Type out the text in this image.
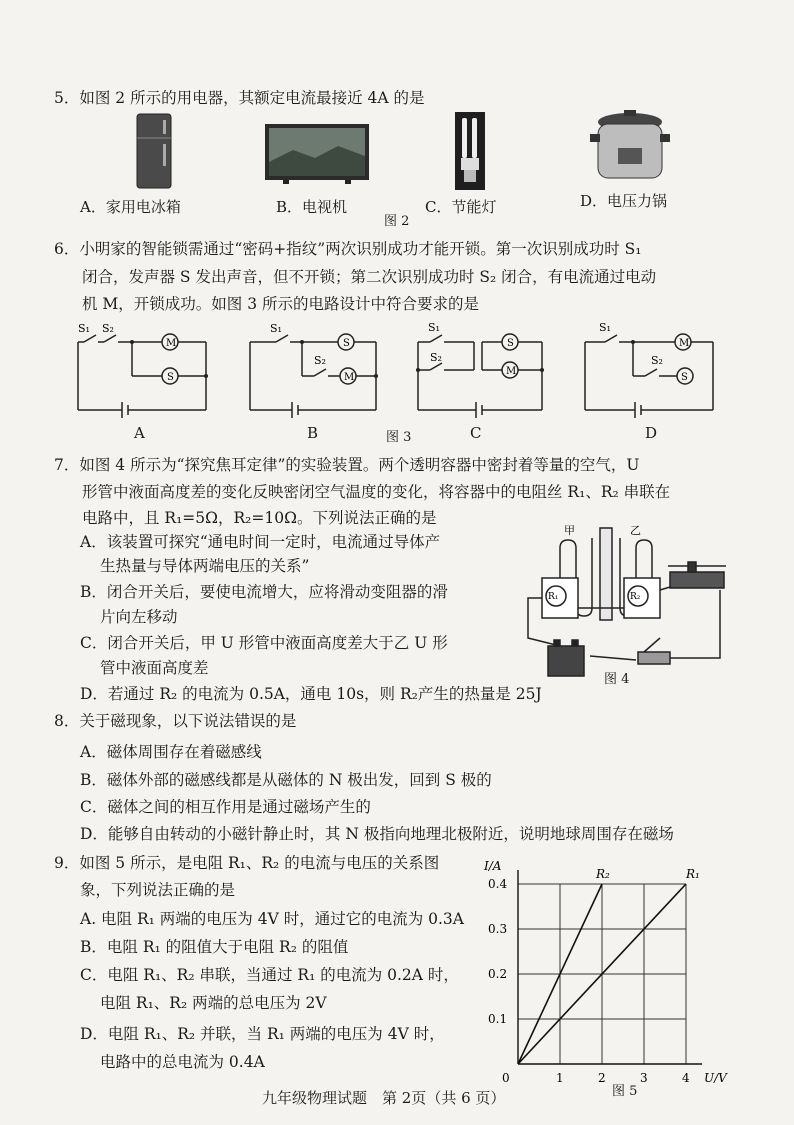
5．如图 2 所示的用电器，其额定电流最接近 4A 的是
A．家用电冰箱	B．电视机	C．节能灯	D．电压力锅
图 2
6．小明家的智能锁需通过“密码+指纹”两次识别成功才能开锁。第一次识别成功时 S₁
闭合，发声器 S 发出声音，但不开锁；第二次识别成功时 S₂ 闭合，有电流通过电动
机 M，开锁成功。如图 3 所示的电路设计中符合要求的是
S₁ S₂
M
S
S₁
S₂
S
M
S₁
S₂
S
M
S₁
S₂
M
S
A	B	图 3	C	D
7．如图 4 所示为“探究焦耳定律”的实验装置。两个透明容器中密封着等量的空气，U
形管中液面高度差的变化反映密闭空气温度的变化，将容器中的电阻丝 R₁、R₂ 串联在
电路中，且 R₁=5Ω，R₂=10Ω。下列说法正确的是
A．该装置可探究“通电时间一定时，电流通过导体产
生热量与导体两端电压的关系”
B．闭合开关后，要使电流增大，应将滑动变阻器的滑
片向左移动
C．闭合开关后，甲 U 形管中液面高度差大于乙 U 形
管中液面高度差
D．若通过 R₂ 的电流为 0.5A，通电 10s，则 R₂产生的热量是 25J
甲	乙
R₁	R₂
图 4
8．关于磁现象，以下说法错误的是
A．磁体周围存在着磁感线
B．磁体外部的磁感线都是从磁体的 N 极出发，回到 S 极的
C．磁体之间的相互作用是通过磁场产生的
D．能够自由转动的小磁针静止时，其 N 极指向地理北极附近，说明地球周围存在磁场
9．如图 5 所示，是电阻 R₁、R₂ 的电流与电压的关系图
象，下列说法正确的是
A. 电阻 R₁ 两端的电压为 4V 时，通过它的电流为 0.3A
B．电阻 R₁ 的阻值大于电阻 R₂ 的阻值
C．电阻 R₁、R₂ 串联，当通过 R₁ 的电流为 0.2A 时，
电阻 R₁、R₂ 两端的总电压为 2V
D．电阻 R₁、R₂ 并联，当 R₁ 两端的电压为 4V 时，
电路中的总电流为 0.4A
R₂	R₁
0	1	2	3	4
0.1
0.2
0.3
0.4
U/V
I/A
图 5
九年级物理试题　第 2页（共 6 页）
